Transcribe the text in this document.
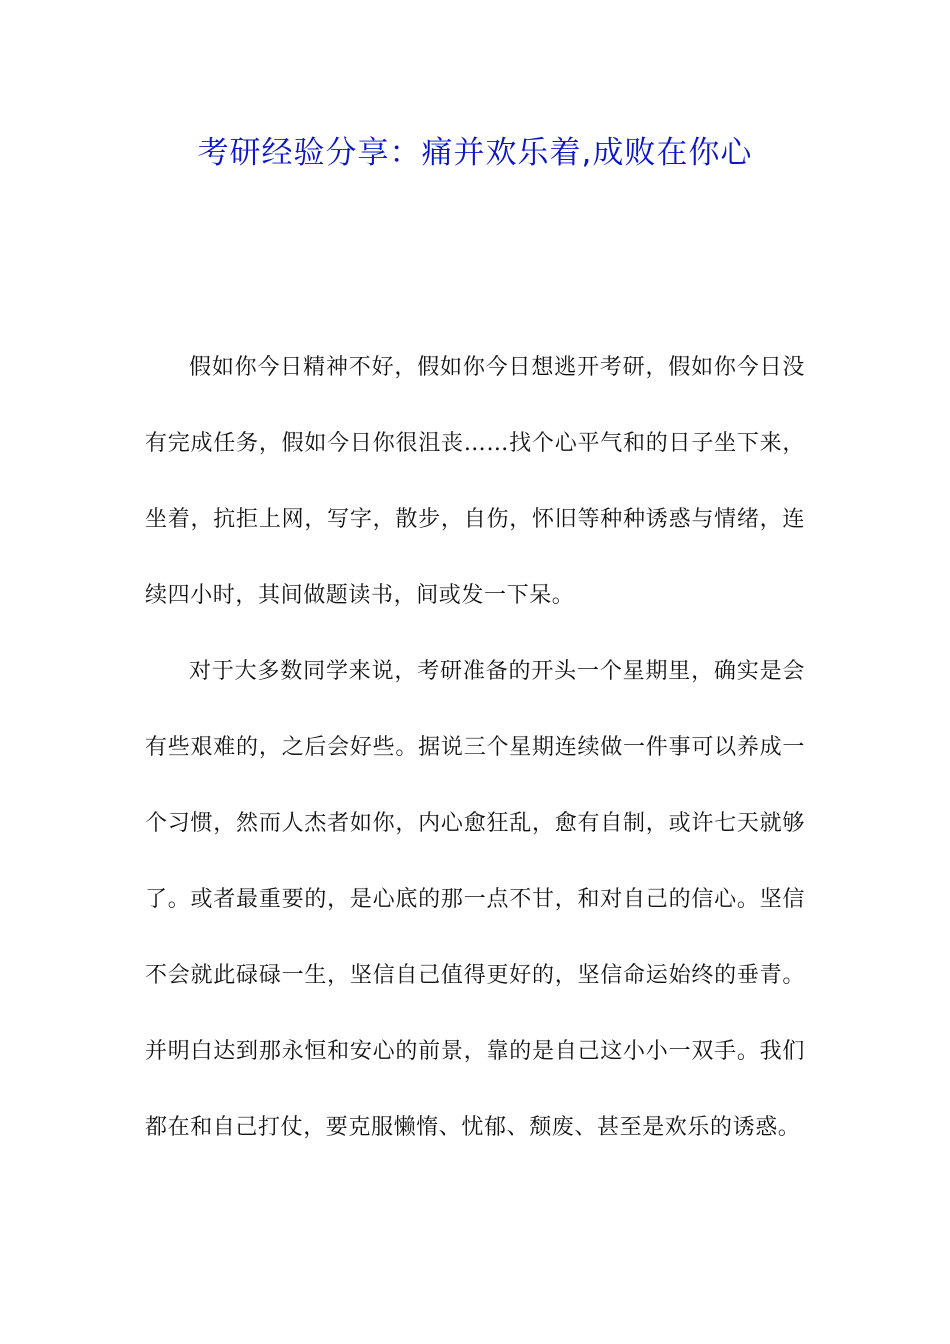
考研经验分享：痛并欢乐着,成败在你心

假如你今日精神不好，假如你今日想逃开考研，假如你今日没有完成任务，假如今日你很沮丧……找个心平气和的日子坐下来，坐着，抗拒上网，写字，散步，自伤，怀旧等种种诱惑与情绪，连续四小时，其间做题读书，间或发一下呆。

对于大多数同学来说，考研准备的开头一个星期里，确实是会有些艰难的，之后会好些。据说三个星期连续做一件事可以养成一个习惯，然而人杰者如你，内心愈狂乱，愈有自制，或许七天就够了。或者最重要的，是心底的那一点不甘，和对自己的信心。坚信不会就此碌碌一生，坚信自己值得更好的，坚信命运始终的垂青。并明白达到那永恒和安心的前景，靠的是自己这小小一双手。我们都在和自己打仗，要克服懒惰、忧郁、颓废、甚至是欢乐的诱惑。
